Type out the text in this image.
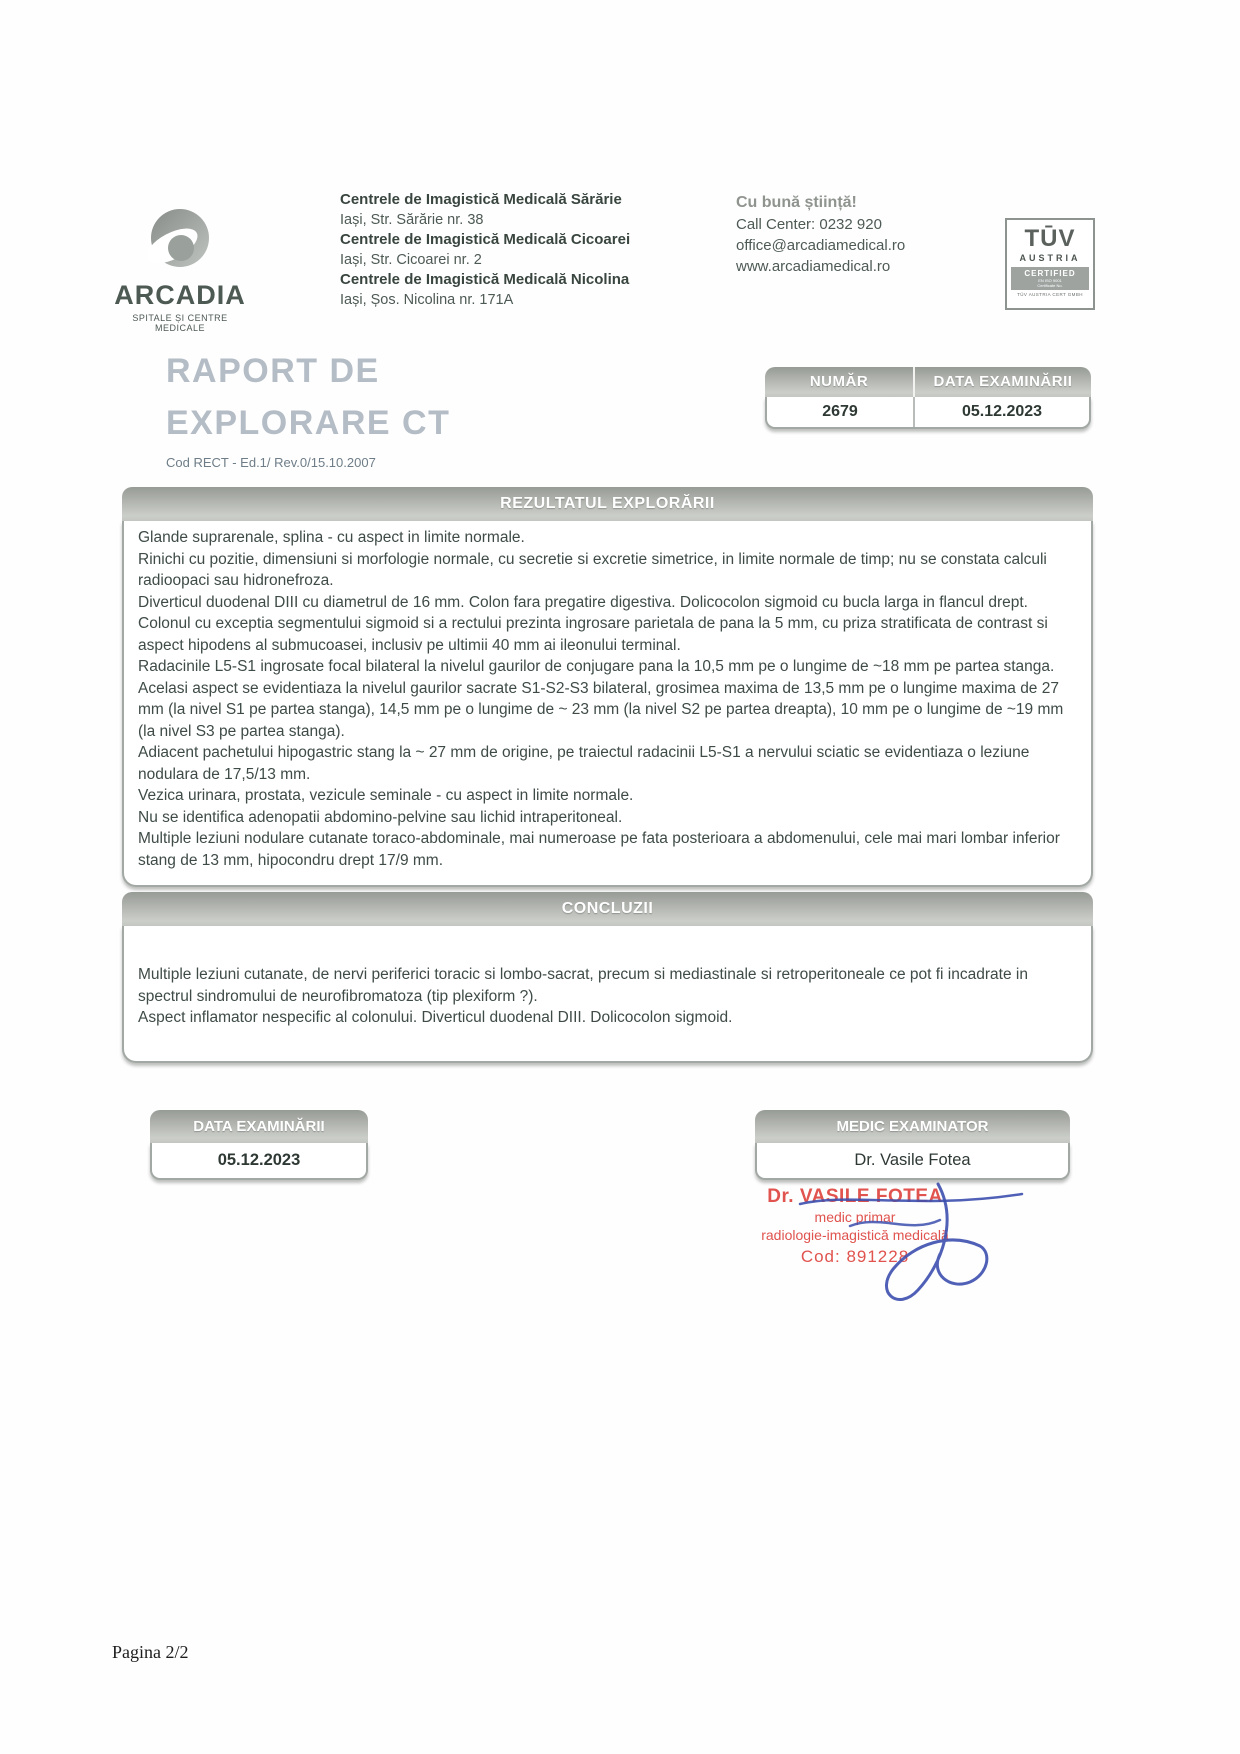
ARCADIA
SPITALE ȘI CENTRE MEDICALE
Centrele de Imagistică Medicală Sărărie
Iași, Str. Sărărie nr. 38
Centrele de Imagistică Medicală Cicoarei
Iași, Str. Cicoarei nr. 2
Centrele de Imagistică Medicală Nicolina
Iași, Șos. Nicolina nr. 171A
Cu bună știință!
Call Center: 0232 920
office@arcadiamedical.ro
www.arcadiamedical.ro
TŪV
AUSTRIA
CERTIFIED
EN ISO 9001
Certificate No.
TÜV AUSTRIA CERT GMBH
RAPORT DE
EXPLORARE CT
Cod RECT - Ed.1/ Rev.0/15.10.2007
NUMĂR	DATA EXAMINĂRII
2679	05.12.2023
REZULTATUL EXPLORĂRII
Glande suprarenale, splina - cu aspect in limite normale.
Rinichi cu pozitie, dimensiuni si morfologie normale, cu secretie si excretie simetrice, in limite normale de timp; nu se constata calculi radioopaci sau hidronefroza.
Diverticul duodenal DIII cu diametrul de 16 mm. Colon fara pregatire digestiva. Dolicocolon sigmoid cu bucla larga in flancul drept. Colonul cu exceptia segmentului sigmoid si a rectului prezinta ingrosare parietala de pana la 5 mm, cu priza stratificata de contrast si aspect hipodens al submucoasei, inclusiv pe ultimii 40 mm ai ileonului terminal.
Radacinile L5-S1 ingrosate focal bilateral la nivelul gaurilor de conjugare pana la 10,5 mm pe o lungime de ~18 mm pe partea stanga. Acelasi aspect se evidentiaza la nivelul gaurilor sacrate S1-S2-S3 bilateral, grosimea maxima de 13,5 mm pe o lungime maxima de 27 mm (la nivel S1 pe partea stanga), 14,5 mm pe o lungime de ~ 23 mm (la nivel S2 pe partea dreapta), 10 mm pe o lungime de ~19 mm (la nivel S3 pe partea stanga).
Adiacent pachetului hipogastric stang la ~ 27 mm de origine, pe traiectul radacinii L5-S1 a nervului sciatic se evidentiaza o leziune nodulara de 17,5/13 mm.
Vezica urinara, prostata, vezicule seminale - cu aspect in limite normale.
Nu se identifica adenopatii abdomino-pelvine sau lichid intraperitoneal.
Multiple leziuni nodulare cutanate toraco-abdominale, mai numeroase pe fata posterioara a abdomenului, cele mai mari lombar inferior stang de 13 mm, hipocondru drept 17/9 mm.
CONCLUZII
Multiple leziuni cutanate, de nervi periferici toracic si lombo-sacrat, precum si mediastinale si retroperitoneale ce pot fi incadrate in spectrul sindromului de neurofibromatoza (tip plexiform ?).
Aspect inflamator nespecific al colonului. Diverticul duodenal DIII. Dolicocolon sigmoid.
DATA EXAMINĂRII
05.12.2023
MEDIC EXAMINATOR
Dr. Vasile Fotea
Dr. VASILE FOTEA
medic primar
radiologie-imagistică medicală
Cod: 891228
Pagina 2/2
